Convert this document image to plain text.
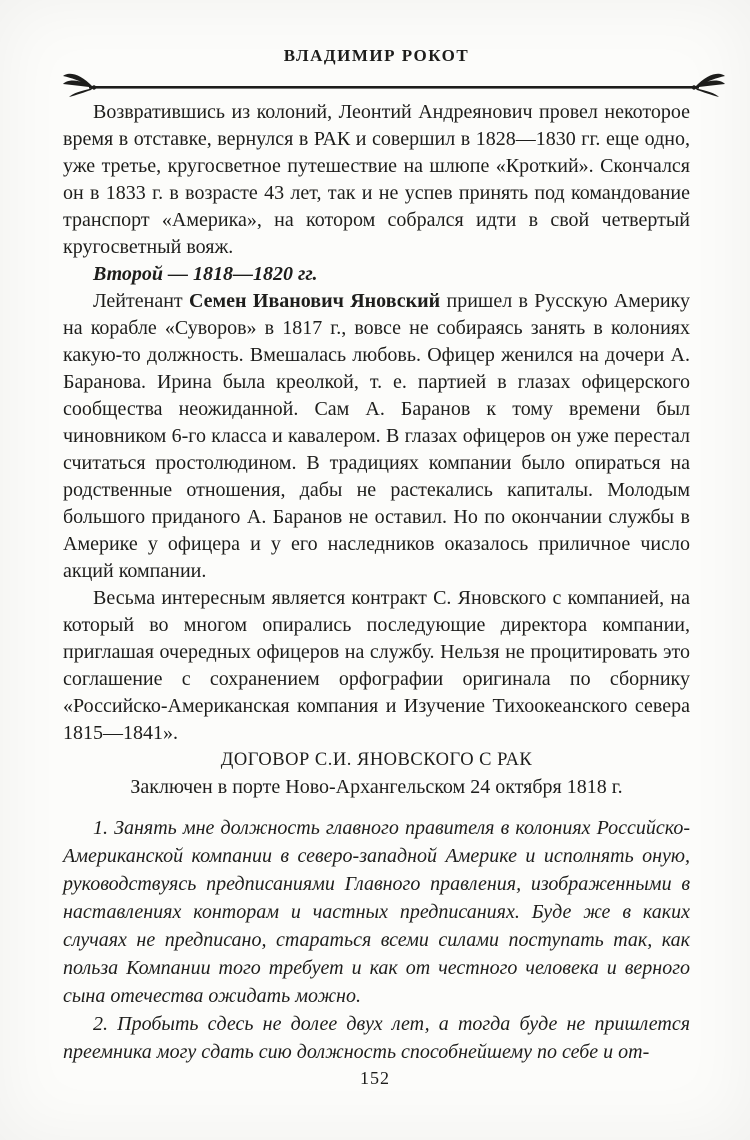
ВЛАДИМИР РОКОТ

Возвратившись из колоний, Леонтий Андреянович провел некоторое время в отставке, вернулся в РАК и совершил в 1828—1830 гг. еще одно, уже третье, кругосветное путешествие на шлюпе «Кроткий». Скончался он в 1833 г. в возрасте 43 лет, так и не успев принять под командование транспорт «Америка», на котором собрался идти в свой четвертый кругосветный вояж.

Второй — 1818—1820 гг.

Лейтенант Семен Иванович Яновский пришел в Русскую Америку на корабле «Суворов» в 1817 г., вовсе не собираясь занять в колониях какую-то должность. Вмешалась любовь. Офицер женился на дочери А. Баранова. Ирина была креолкой, т. е. партией в глазах офицерского сообщества неожиданной. Сам А. Баранов к тому времени был чиновником 6-го класса и кавалером. В глазах офицеров он уже перестал считаться простолюдином. В традициях компании было опираться на родственные отношения, дабы не растекались капиталы. Молодым большого приданого А. Баранов не оставил. Но по окончании службы в Америке у офицера и у его наследников оказалось приличное число акций компании.

Весьма интересным является контракт С. Яновского с компанией, на который во многом опирались последующие директора компании, приглашая очередных офицеров на службу. Нельзя не процитировать это соглашение с сохранением орфографии оригинала по сборнику «Российско-Американская компания и Изучение Тихоокеанского севера 1815—1841».

ДОГОВОР С.И. ЯНОВСКОГО С РАК

Заключен в порте Ново-Архангельском 24 октября 1818 г.

1. Занять мне должность главного правителя в колониях Российско-Американской компании в северо-западной Америке и исполнять оную, руководствуясь предписаниями Главного правления, изображенными в наставлениях конторам и частных предписаниях. Буде же в каких случаях не предписано, стараться всеми силами поступать так, как польза Компании того требует и как от честного человека и верного сына отечества ожидать можно.

2. Пробыть сдесь не долее двух лет, а тогда буде не пришлется преемника могу сдать сию должность способнейшему по себе и от-

152
